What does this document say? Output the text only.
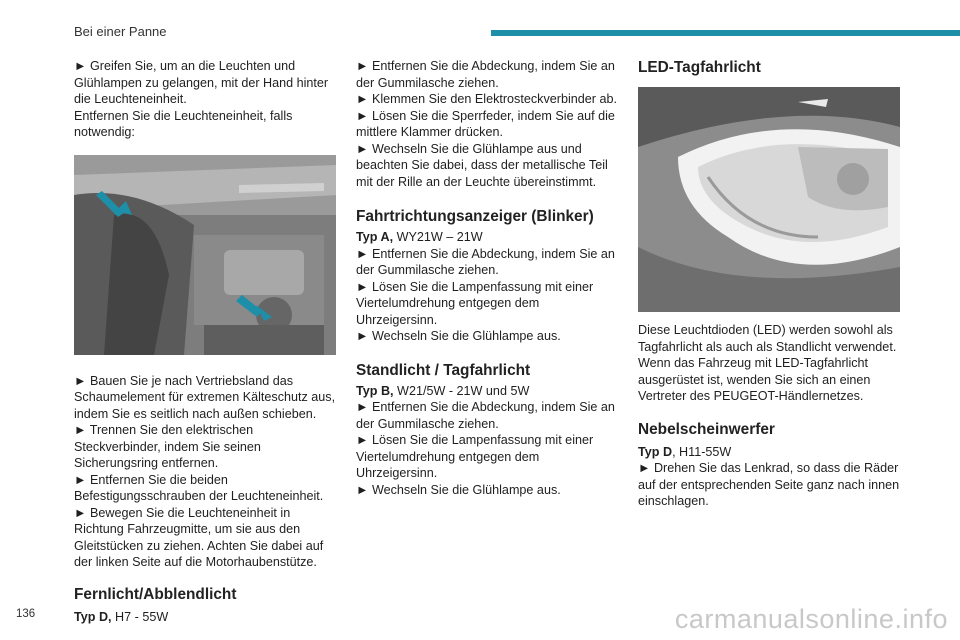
Bei einer Panne

► Greifen Sie, um an die Leuchten und Glühlampen zu gelangen, mit der Hand hinter die Leuchteneinheit.
Entfernen Sie die Leuchteneinheit, falls notwendig:

► Bauen Sie je nach Vertriebsland das Schaumelement für extremen Kälteschutz aus, indem Sie es seitlich nach außen schieben.
► Trennen Sie den elektrischen Steckverbinder, indem Sie seinen Sicherungsring entfernen.
► Entfernen Sie die beiden Befestigungsschrauben der Leuchteneinheit.
► Bewegen Sie die Leuchteneinheit in Richtung Fahrzeugmitte, um sie aus den Gleitstücken zu ziehen. Achten Sie dabei auf der linken Seite auf die Motorhaubenstütze.

Fernlicht/Abblendlicht

Typ D, H7 - 55W

► Entfernen Sie die Abdeckung, indem Sie an der Gummilasche ziehen.
► Klemmen Sie den Elektrosteckverbinder ab.
► Lösen Sie die Sperrfeder, indem Sie auf die mittlere Klammer drücken.
► Wechseln Sie die Glühlampe aus und beachten Sie dabei, dass der metallische Teil mit der Rille an der Leuchte übereinstimmt.

Fahrtrichtungsanzeiger (Blinker)

Typ A, WY21W – 21W
► Entfernen Sie die Abdeckung, indem Sie an der Gummilasche ziehen.
► Lösen Sie die Lampenfassung mit einer Viertelumdrehung entgegen dem Uhrzeigersinn.
► Wechseln Sie die Glühlampe aus.

Standlicht / Tagfahrlicht

Typ B, W21/5W - 21W und 5W
► Entfernen Sie die Abdeckung, indem Sie an der Gummilasche ziehen.
► Lösen Sie die Lampenfassung mit einer Viertelumdrehung entgegen dem Uhrzeigersinn.
► Wechseln Sie die Glühlampe aus.

LED-Tagfahrlicht

Diese Leuchtdioden (LED) werden sowohl als Tagfahrlicht als auch als Standlicht verwendet.
Wenn das Fahrzeug mit LED-Tagfahrlicht ausgerüstet ist, wenden Sie sich an einen Vertreter des PEUGEOT-Händlernetzes.

Nebelscheinwerfer

Typ D, H11-55W
► Drehen Sie das Lenkrad, so dass die Räder auf der entsprechenden Seite ganz nach innen einschlagen.

136	carmanualsonline.info
